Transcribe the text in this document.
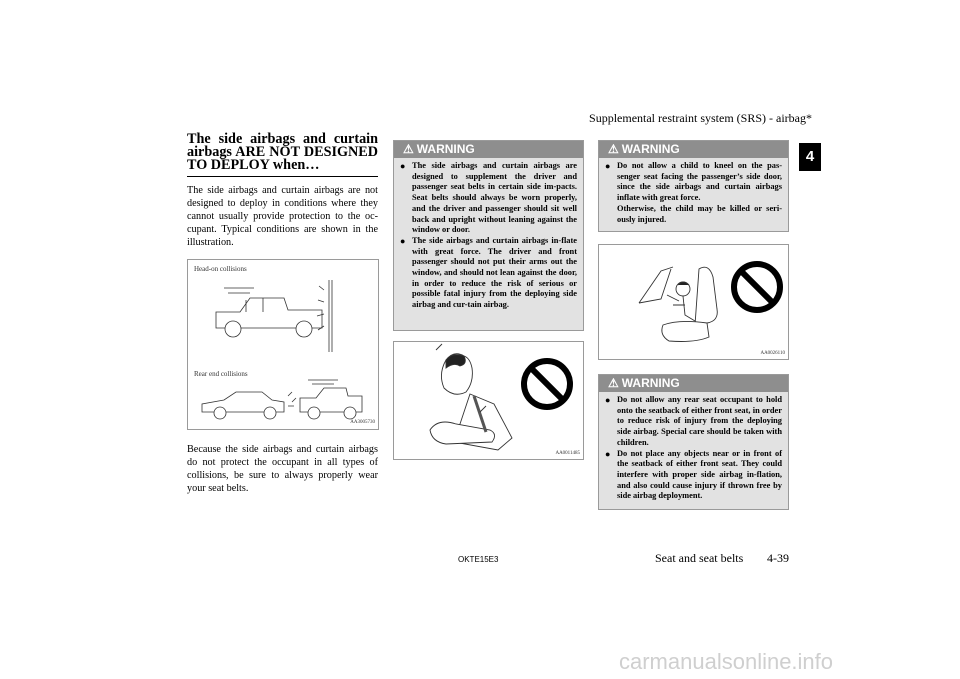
Supplemental restraint system (SRS) - airbag*
4
The side airbags and curtain airbags ARE NOT DESIGNED TO DEPLOY when…

The side airbags and curtain airbags are not designed to deploy in conditions where they cannot usually provide protection to the oc-cupant. Typical conditions are shown in the illustration.

Head-on collisions
Rear end collisions
AA3005730
Because the side airbags and curtain airbags do not protect the occupant in all types of collisions, be sure to always properly wear your seat belts.
⚠ WARNING
● The side airbags and curtain airbags are designed to supplement the driver and passenger seat belts in certain side im-pacts. Seat belts should always be worn properly, and the driver and passenger should sit well back and upright without leaning against the window or door.
● The side airbags and curtain airbags in-flate with great force. The driver and front passenger should not put their arms out the window, and should not lean against the door, in order to reduce the risk of serious or possible fatal injury from the deploying side airbag and cur-tain airbag.
AA0011485
⚠ WARNING
● Do not allow a child to kneel on the pas-senger seat facing the passenger’s side door, since the side airbags and curtain airbags inflate with great force.
Otherwise, the child may be killed or seri-ously injured.
AA0026110
⚠ WARNING
● Do not allow any rear seat occupant to hold onto the seatback of either front seat, in order to reduce risk of injury from the deploying side airbag. Special care should be taken with children.
● Do not place any objects near or in front of the seatback of either front seat. They could interfere with proper side airbag in-flation, and also could cause injury if thrown free by side airbag deployment.
OKTE15E3	Seat and seat belts 4-39
carmanualsonline.info
